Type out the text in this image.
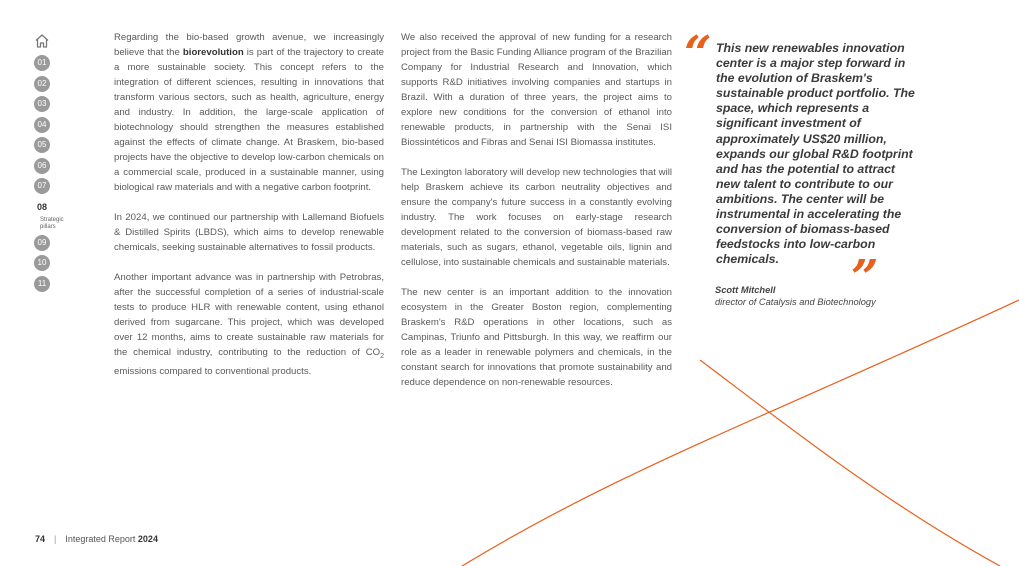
01
02
03
04
05
06
07
08
Strategic pillars
09
10
11

Regarding the bio-based growth avenue, we increasingly believe that the biorevolution is part of the trajectory to create a more sustainable society. This concept refers to the integration of different sciences, resulting in innovations that transform various sectors, such as health, agriculture, energy and industry. In addition, the large-scale application of biotechnology should strengthen the measures established against the effects of climate change. At Braskem, bio-based projects have the objective to develop low-carbon chemicals on a commercial scale, produced in a sustainable manner, using biological raw materials and with a negative carbon footprint.

In 2024, we continued our partnership with Lallemand Biofuels & Distilled Spirits (LBDS), which aims to develop renewable chemicals, seeking sustainable alternatives to fossil products.

Another important advance was in partnership with Petrobras, after the successful completion of a series of industrial-scale tests to produce HLR with renewable content, using ethanol derived from sugarcane. This project, which was developed over 12 months, aims to create sustainable raw materials for the chemical industry, contributing to the reduction of $CO_2$ emissions compared to conventional products.

We also received the approval of new funding for a research project from the Basic Funding Alliance program of the Brazilian Company for Industrial Research and Innovation, which supports R&D initiatives involving companies and startups in Brazil. With a duration of three years, the project aims to explore new conditions for the conversion of ethanol into renewable products, in partnership with the Senai ISI Biossintéticos and Fibras and Senai ISI Biomassa institutes.

The Lexington laboratory will develop new technologies that will help Braskem achieve its carbon neutrality objectives and ensure the company's future success in a constantly evolving industry. The work focuses on early-stage research development related to the conversion of biomass-based raw materials, such as sugars, ethanol, vegetable oils, lignin and cellulose, into sustainable chemicals and sustainable materials.

The new center is an important addition to the innovation ecosystem in the Greater Boston region, complementing Braskem's R&D operations in other locations, such as Campinas, Triunfo and Pittsburgh. In this way, we reaffirm our role as a leader in renewable polymers and chemicals, in the constant search for innovations that promote sustainability and reduce dependence on non-renewable resources.

“ This new renewables innovation center is a major step forward in the evolution of Braskem's sustainable product portfolio. The space, which represents a significant investment of approximately US$20 million, expands our global R&D footprint and has the potential to attract new talent to contribute to our ambitions. The center will be instrumental in accelerating the conversion of biomass-based feedstocks into low-carbon chemicals.	”
Scott Mitchell
director of Catalysis and Biotechnology
74 | Integrated Report 2024
